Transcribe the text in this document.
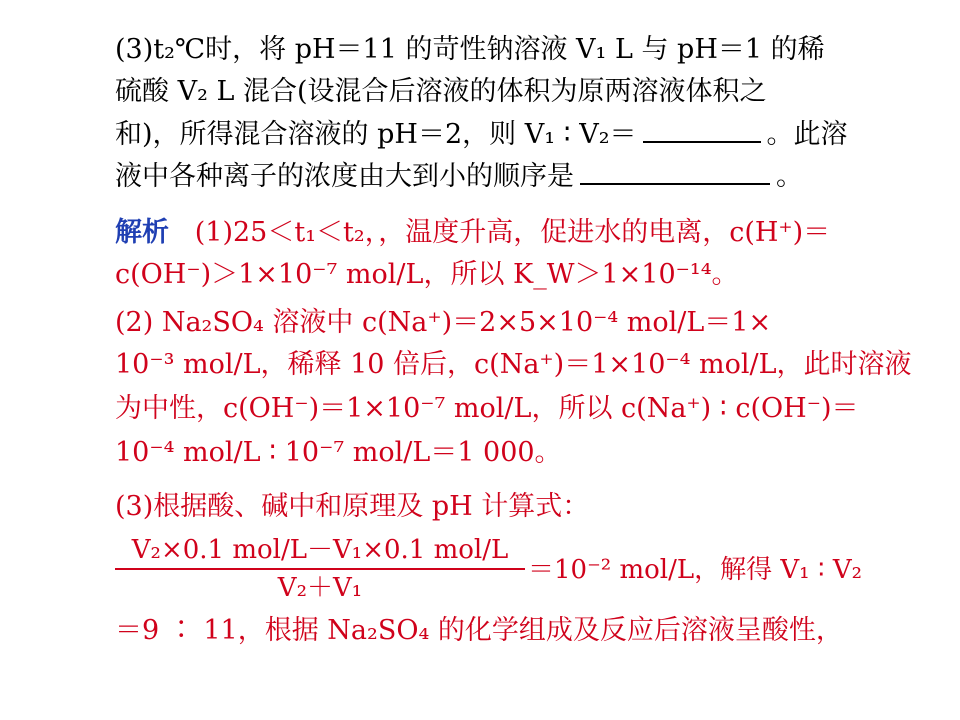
(3)t₂℃时，将 pH＝11 的苛性钠溶液 V₁ L 与 pH＝1 的稀
硫酸 V₂ L 混合(设混合后溶液的体积为原两溶液体积之
和)，所得混合溶液的 pH＝2，则 V₁ ∶ V₂＝	。此溶
液中各种离子的浓度由大到小的顺序是	。
解析 (1)25＜t₁＜t₂，，温度升高，促进水的电离，c(H⁺)＝
c(OH⁻)＞1×10⁻⁷ mol/L，所以 K_W＞1×10⁻¹⁴。
(2) Na₂SO₄ 溶液中 c(Na⁺)＝2×5×10⁻⁴ mol/L＝1×
10⁻³ mol/L，稀释 10 倍后，c(Na⁺)＝1×10⁻⁴ mol/L，此时溶液
为中性，c(OH⁻)＝1×10⁻⁷ mol/L，所以 c(Na⁺) ∶ c(OH⁻)＝
10⁻⁴ mol/L ∶ 10⁻⁷ mol/L＝1 000。
(3)根据酸、碱中和原理及 pH 计算式：
V₂×0.1 mol/L－V₁×0.1 mol/L
V₂＋V₁
＝10⁻² mol/L，解得 V₁ ∶ V₂
＝9 ∶ 11，根据 Na₂SO₄ 的化学组成及反应后溶液呈酸性，
